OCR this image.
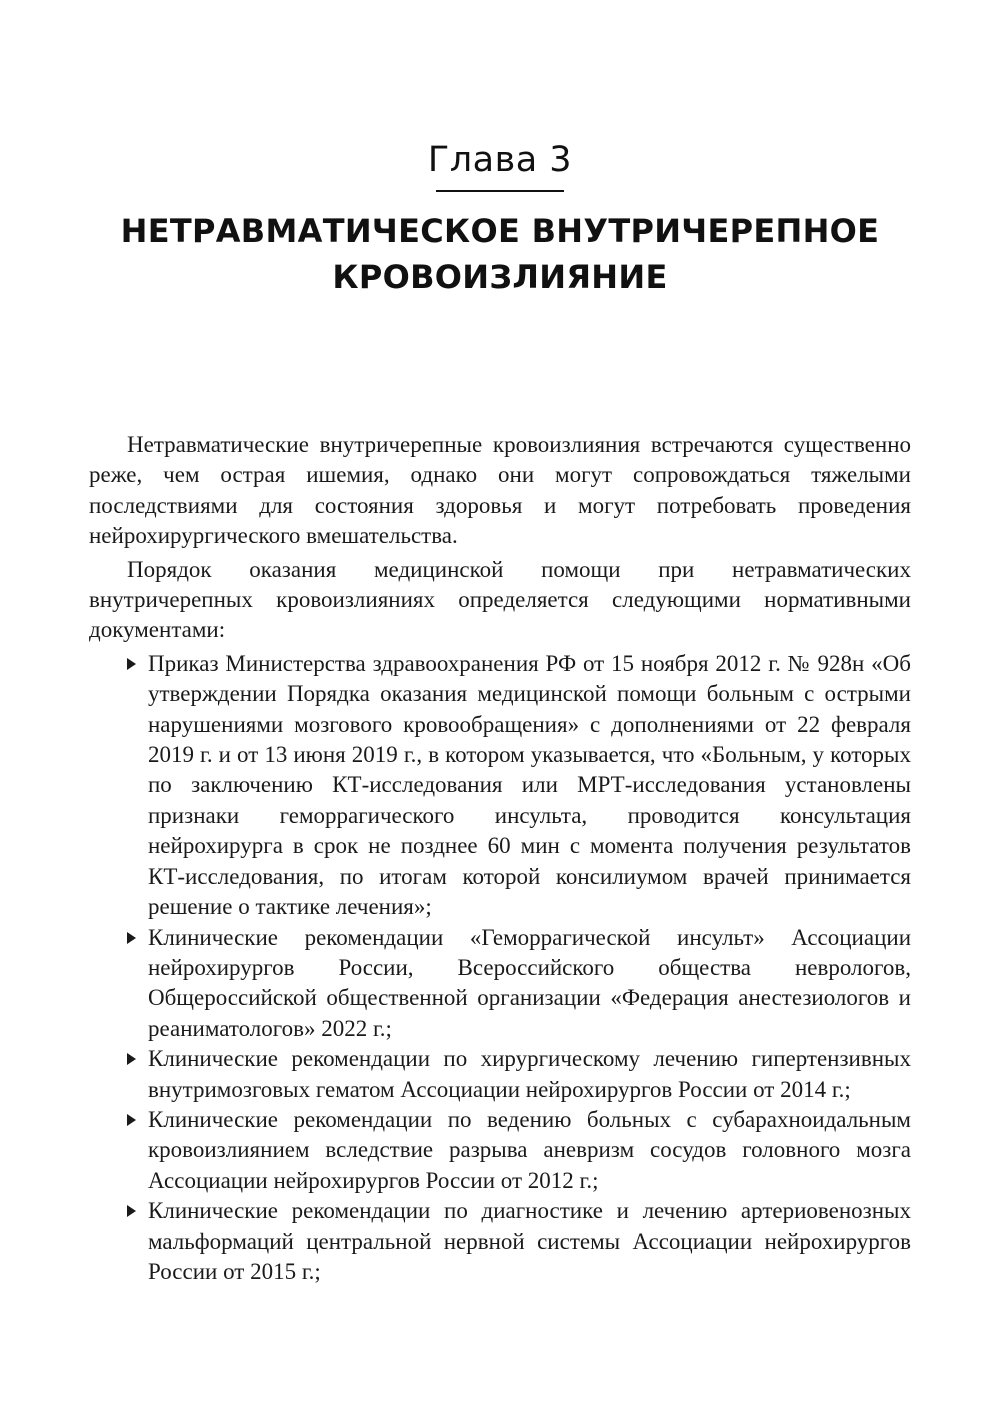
Глава 3
НЕТРАВМАТИЧЕСКОЕ ВНУТРИЧЕРЕПНОЕ
КРОВОИЗЛИЯНИЕ

Нетравматические внутричерепные кровоизлияния встречаются существенно реже, чем острая ишемия, однако они могут сопровождаться тяжелыми последствиями для состояния здоровья и могут потребовать проведения нейрохирургического вмешательства.

Порядок оказания медицинской помощи при нетравматических внутричерепных кровоизлияниях определяется следующими нормативными документами:

Приказ Министерства здравоохранения РФ от 15 ноября 2012 г. № 928н «Об утверждении Порядка оказания медицинской помощи больным с острыми нарушениями мозгового кровообращения» с дополнениями от 22 февраля 2019 г. и от 13 июня 2019 г., в котором указывается, что «Больным, у которых по заключению КТ-исследования или МРТ-исследования установлены признаки геморрагического инсульта, проводится консультация нейрохирурга в срок не позднее 60 мин с момента получения результатов КТ-исследования, по итогам которой консилиумом врачей принимается решение о тактике лечения»;
Клинические рекомендации «Геморрагической инсульт» Ассоциации нейрохирургов России, Всероссийского общества неврологов, Общероссийской общественной организации «Федерация анестезиологов и реаниматологов» 2022 г.;
Клинические рекомендации по хирургическому лечению гипертензивных внутримозговых гематом Ассоциации нейрохирургов России от 2014 г.;
Клинические рекомендации по ведению больных с субарахноидальным кровоизлиянием вследствие разрыва аневризм сосудов головного мозга Ассоциации нейрохирургов России от 2012 г.;
Клинические рекомендации по диагностике и лечению артериовенозных мальформаций центральной нервной системы Ассоциации нейрохирургов России от 2015 г.;
